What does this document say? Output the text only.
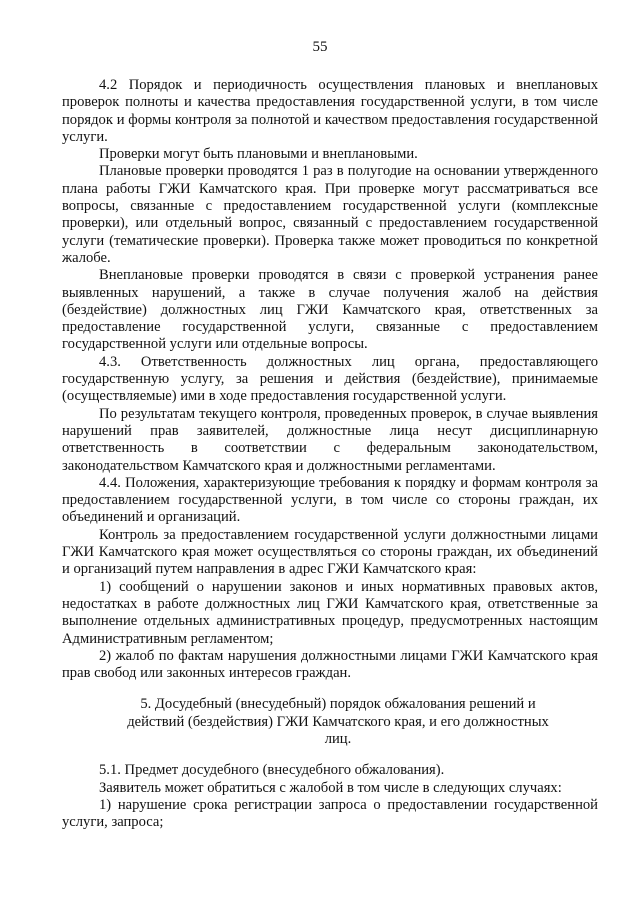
55

4.2 Порядок и периодичность осуществления плановых и внеплановых проверок полноты и качества предоставления государственной услуги, в том числе порядок и формы контроля за полнотой и качеством предоставления государственной услуги.

Проверки могут быть плановыми и внеплановыми.

Плановые проверки проводятся 1 раз в полугодие на основании утвержденного плана работы ГЖИ Камчатского края. При проверке могут рассматриваться все вопросы, связанные с предоставлением государственной услуги (комплексные проверки), или отдельный вопрос, связанный с предоставлением государственной услуги (тематические проверки). Проверка также может проводиться по конкретной жалобе.

Внеплановые проверки проводятся в связи с проверкой устранения ранее выявленных нарушений, а также в случае получения жалоб на действия (бездействие) должностных лиц ГЖИ Камчатского края, ответственных за предоставление государственной услуги, связанные с предоставлением государственной услуги или отдельные вопросы.

4.3. Ответственность должностных лиц органа, предоставляющего государственную услугу, за решения и действия (бездействие), принимаемые (осуществляемые) ими в ходе предоставления государственной услуги.

По результатам текущего контроля, проведенных проверок, в случае выявления нарушений прав заявителей, должностные лица несут дисциплинарную ответственность в соответствии с федеральным законодательством, законодательством Камчатского края и должностными регламентами.

4.4. Положения, характеризующие требования к порядку и формам контроля за предоставлением государственной услуги, в том числе со стороны граждан, их объединений и организаций.

Контроль за предоставлением государственной услуги должностными лицами ГЖИ Камчатского края может осуществляться со стороны граждан, их объединений и организаций путем направления в адрес ГЖИ Камчатского края:

1) сообщений о нарушении законов и иных нормативных правовых актов, недостатках в работе должностных лиц ГЖИ Камчатского края, ответственные за выполнение отдельных административных процедур, предусмотренных настоящим Административным регламентом;

2) жалоб по фактам нарушения должностными лицами ГЖИ Камчатского края прав свобод или законных интересов граждан.

5. Досудебный (внесудебный) порядок обжалования решений и действий (бездействия) ГЖИ Камчатского края, и его должностных лиц.

5.1. Предмет досудебного (внесудебного обжалования).

Заявитель может обратиться с жалобой в том числе в следующих случаях:

1) нарушение срока регистрации запроса о предоставлении государственной услуги, запроса;
